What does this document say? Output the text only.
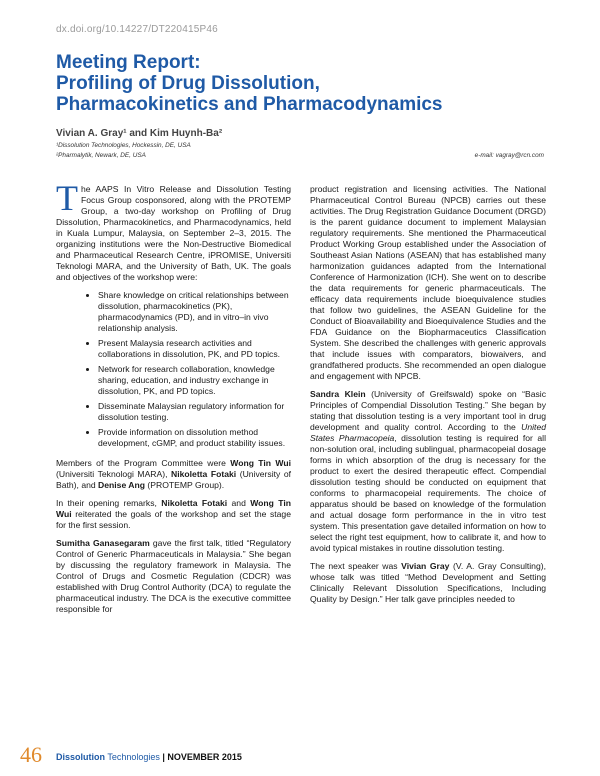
dx.doi.org/10.14227/DT220415P46
Meeting Report:
Profiling of Drug Dissolution,
Pharmacokinetics and Pharmacodynamics
Vivian A. Gray¹ and Kim Huynh-Ba²
¹Dissolution Technologies, Hockessin, DE, USA
²Pharmalytik, Newark, DE, USA	e-mail: vagray@rcn.com

The AAPS In Vitro Release and Dissolution Testing Focus Group cosponsored, along with the PROTEMP Group, a two-day workshop on Profiling of Drug Dissolution, Pharmacokinetics, and Pharmacodynamics, held in Kuala Lumpur, Malaysia, on September 2–3, 2015. The organizing institutions were the Non-Destructive Biomedical and Pharmaceutical Research Centre, iPROMISE, Universiti Teknologi MARA, and the University of Bath, UK. The goals and objectives of the workshop were:

• Share knowledge on critical relationships between dissolution, pharmacokinetics (PK), pharmacodynamics (PD), and in vitro–in vivo relationship analysis.
• Present Malaysia research activities and collaborations in dissolution, PK, and PD topics.
• Network for research collaboration, knowledge sharing, education, and industry exchange in dissolution, PK, and PD topics.
• Disseminate Malaysian regulatory information for dissolution testing.
• Provide information on dissolution method development, cGMP, and product stability issues.

Members of the Program Committee were Wong Tin Wui (Universiti Teknologi MARA), Nikoletta Fotaki (University of Bath), and Denise Ang (PROTEMP Group).

In their opening remarks, Nikoletta Fotaki and Wong Tin Wui reiterated the goals of the workshop and set the stage for the first session.

Sumitha Ganasegaram gave the first talk, titled “Regulatory Control of Generic Pharmaceuticals in Malaysia.” She began by discussing the regulatory framework in Malaysia. The Control of Drugs and Cosmetic Regulation (CDCR) was established with Drug Control Authority (DCA) to regulate the pharmaceutical industry. The DCA is the executive committee responsible for

product registration and licensing activities. The National Pharmaceutical Control Bureau (NPCB) carries out these activities. The Drug Registration Guidance Document (DRGD) is the parent guidance document to implement Malaysian regulatory requirements. She mentioned the Pharmaceutical Product Working Group established under the Association of Southeast Asian Nations (ASEAN) that has established many harmonization guidances adapted from the International Conference of Harmonization (ICH). She went on to describe the data requirements for generic pharmaceuticals. The efficacy data requirements include bioequivalence studies that follow two guidelines, the ASEAN Guideline for the Conduct of Bioavailability and Bioequivalence Studies and the FDA Guidance on the Biopharmaceutics Classification System. She described the challenges with generic approvals that include issues with comparators, biowaivers, and grandfathered products. She recommended an open dialogue and engagement with NPCB.

Sandra Klein (University of Greifswald) spoke on “Basic Principles of Compendial Dissolution Testing.” She began by stating that dissolution testing is a very important tool in drug development and quality control. According to the United States Pharmacopeia, dissolution testing is required for all non-solution oral, including sublingual, pharmacopeial dosage forms in which absorption of the drug is necessary for the product to exert the desired therapeutic effect. Compendial dissolution testing should be conducted on equipment that conforms to pharmacopeial requirements. The choice of apparatus should be based on knowledge of the formulation and actual dosage form performance in the in vitro test system. This presentation gave detailed information on how to select the right test equipment, how to calibrate it, and how to avoid typical mistakes in routine dissolution testing.

The next speaker was Vivian Gray (V. A. Gray Consulting), whose talk was titled “Method Development and Setting Clinically Relevant Dissolution Specifications, Including Quality by Design.” Her talk gave principles needed to

46 Dissolution Technologies | NOVEMBER 2015
